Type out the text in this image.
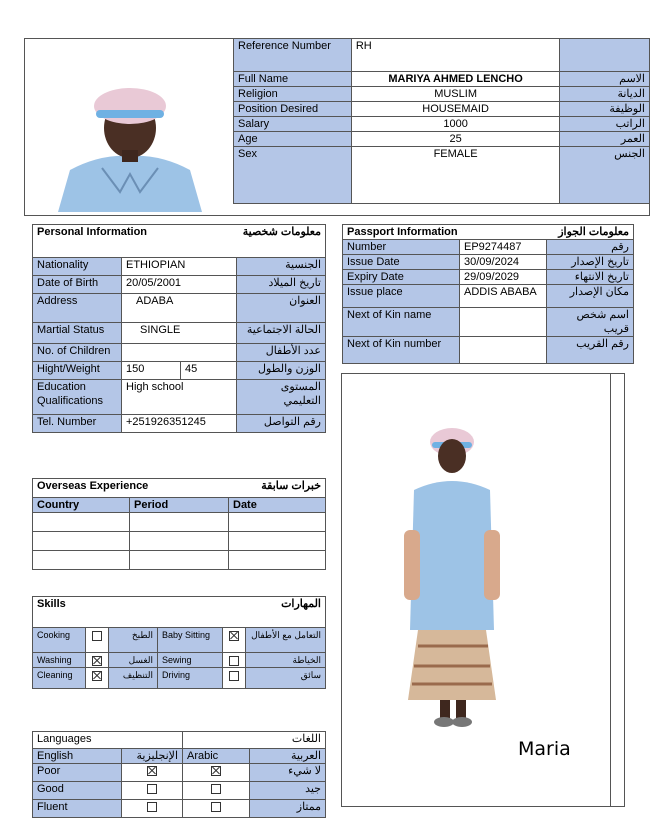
Reference Number	RH	
Full Name	MARIYA AHMED LENCHO	الاسم
Religion	MUSLIM	الديانة
Position Desired	HOUSEMAID	الوظيفة
Salary	1000	الراتب
Age	25	العمر
Sex	FEMALE	الجنس
Personal Information معلومات شخصية			

Nationality	ETHIOPIAN		الجنسية
Date of Birth	20/05/2001		تاريخ الميلاد
Address	ADABA		العنوان
Martial Status	SINGLE		الحالة الاجتماعية
No. of Children			عدد الأطفال
Hight/Weight	150	45	الوزن والطول
Education Qualifications	High school		المستوى التعليمي
Tel. Number	+251926351245		رقم التواصل
Passport Information معلومات الجواز		

Number	EP9274487	رقم
Issue Date	30/09/2024	تاريخ الإصدار
Expiry Date	29/09/2029	تاريخ الانتهاء
Issue place	ADDIS ABABA	مكان الإصدار
Next of Kin name		اسم شخص قريب
Next of Kin number		رقم القريب
Maria
Overseas Experience خبرات سابقة		

Country	Period	Date

Skills المهارات					

Cooking		الطبخ	Baby Sitting		التعامل مع الأطفال
Washing		الغسل	Sewing		الخياطة
Cleaning		التنظيف	Driving		سائق
Languages		اللغات	
English	الإنجليزية	Arabic	العربية
Poor			لا شيء
Good			جيد
Fluent			ممتاز
